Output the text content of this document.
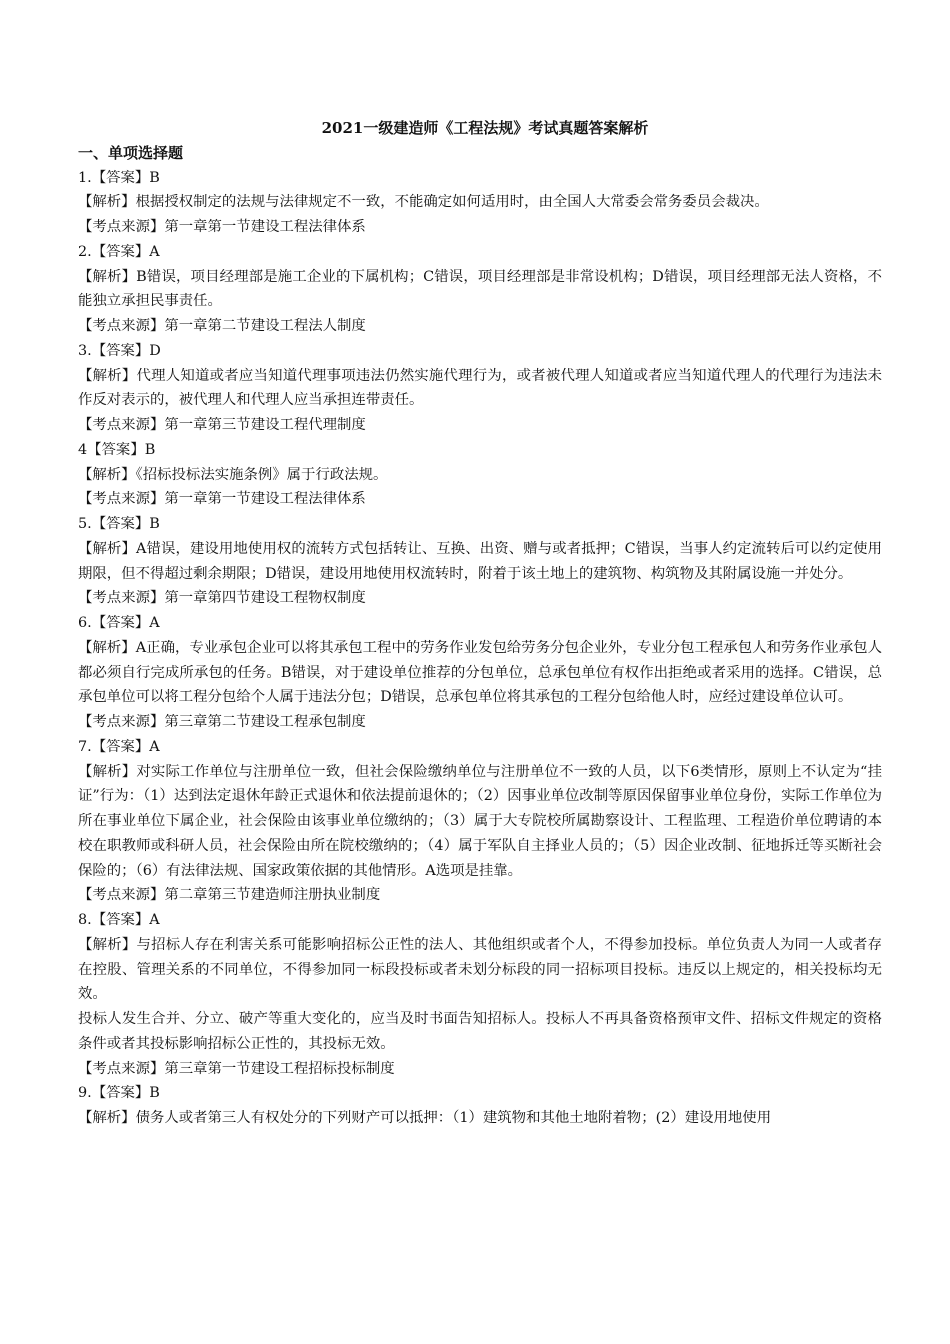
2021一级建造师《工程法规》考试真题答案解析
一、单项选择题

1.【答案】B

【解析】根据授权制定的法规与法律规定不一致，不能确定如何适用时，由全国人大常委会常务委员会裁决。

【考点来源】第一章第一节建设工程法律体系

2.【答案】A

【解析】B错误，项目经理部是施工企业的下属机构；C错误，项目经理部是非常设机构；D错误，项目经理部无法人资格，不能独立承担民事责任。

【考点来源】第一章第二节建设工程法人制度

3.【答案】D

【解析】代理人知道或者应当知道代理事项违法仍然实施代理行为，或者被代理人知道或者应当知道代理人的代理行为违法未作反对表示的，被代理人和代理人应当承担连带责任。

【考点来源】第一章第三节建设工程代理制度

4【答案】B

【解析】《招标投标法实施条例》属于行政法规。

【考点来源】第一章第一节建设工程法律体系

5.【答案】B

【解析】A错误，建设用地使用权的流转方式包括转让、互换、出资、赠与或者抵押；C错误，当事人约定流转后可以约定使用期限，但不得超过剩余期限；D错误，建设用地使用权流转时，附着于该土地上的建筑物、构筑物及其附属设施一并处分。

【考点来源】第一章第四节建设工程物权制度

6.【答案】A

【解析】A正确，专业承包企业可以将其承包工程中的劳务作业发包给劳务分包企业外，专业分包工程承包人和劳务作业承包人都必须自行完成所承包的任务。B错误，对于建设单位推荐的分包单位，总承包单位有权作出拒绝或者采用的选择。C错误，总承包单位可以将工程分包给个人属于违法分包；D错误，总承包单位将其承包的工程分包给他人时，应经过建设单位认可。

【考点来源】第三章第二节建设工程承包制度

7.【答案】A

【解析】对实际工作单位与注册单位一致，但社会保险缴纳单位与注册单位不一致的人员，以下6类情形，原则上不认定为“挂证”行为：（1）达到法定退休年龄正式退休和依法提前退休的；（2）因事业单位改制等原因保留事业单位身份，实际工作单位为所在事业单位下属企业，社会保险由该事业单位缴纳的；（3）属于大专院校所属勘察设计、工程监理、工程造价单位聘请的本校在职教师或科研人员，社会保险由所在院校缴纳的；（4）属于军队自主择业人员的；（5）因企业改制、征地拆迁等买断社会保险的；（6）有法律法规、国家政策依据的其他情形。A选项是挂靠。

【考点来源】第二章第三节建造师注册执业制度

8.【答案】A

【解析】与招标人存在利害关系可能影响招标公正性的法人、其他组织或者个人，不得参加投标。单位负责人为同一人或者存在控股、管理关系的不同单位，不得参加同一标段投标或者未划分标段的同一招标项目投标。违反以上规定的，相关投标均无效。

投标人发生合并、分立、破产等重大变化的，应当及时书面告知招标人。投标人不再具备资格预审文件、招标文件规定的资格条件或者其投标影响招标公正性的，其投标无效。

【考点来源】第三章第一节建设工程招标投标制度

9.【答案】B

【解析】债务人或者第三人有权处分的下列财产可以抵押：（1）建筑物和其他土地附着物；(2）建设用地使用
